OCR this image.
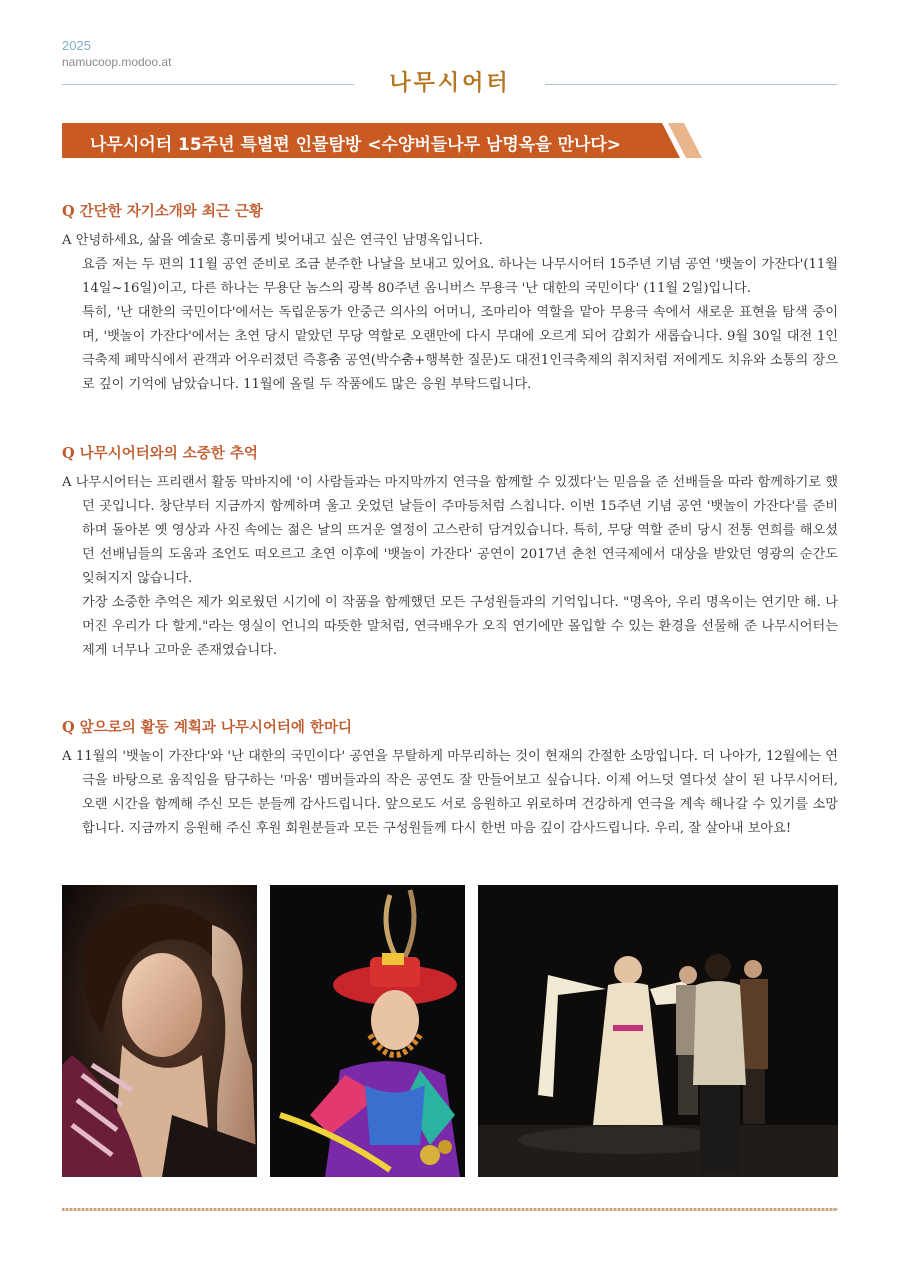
2025
namucoop.modoo.at
나무시어터
나무시어터 15주년 특별편 인물탐방 <수양버들나무 남명옥을 만나다>
Q 간단한 자기소개와 최근 근황

A 안녕하세요, 삶을 예술로 흥미롭게 빚어내고 싶은 연극인 남명옥입니다.

요즘 저는 두 편의 11월 공연 준비로 조금 분주한 나날을 보내고 있어요. 하나는 나무시어터 15주년 기념 공연 '뱃놀이 가잔다'(11월 14일~16일)이고, 다른 하나는 무용단 놈스의 광복 80주년 옴니버스 무용극 '난 대한의 국민이다' (11월 2일)입니다.

특히, '난 대한의 국민이다'에서는 독립운동가 안중근 의사의 어머니, 조마리아 역할을 맡아 무용극 속에서 새로운 표현을 탐색 중이며, '뱃놀이 가잔다'에서는 초연 당시 맡았던 무당 역할로 오랜만에 다시 무대에 오르게 되어 감회가 새롭습니다. 9월 30일 대전 1인극축제 폐막식에서 관객과 어우러졌던 즉흥춤 공연(박수춤+행복한 질문)도 대전1인극축제의 취지처럼 저에게도 치유와 소통의 장으로 깊이 기억에 남았습니다. 11월에 올릴 두 작품에도 많은 응원 부탁드립니다.

Q 나무시어터와의 소중한 추억

A 나무시어터는 프리랜서 활동 막바지에 '이 사람들과는 마지막까지 연극을 함께할 수 있겠다'는 믿음을 준 선배들을 따라 함께하기로 했던 곳입니다. 창단부터 지금까지 함께하며 울고 웃었던 날들이 주마등처럼 스칩니다. 이번 15주년 기념 공연 '뱃놀이 가잔다'를 준비하며 돌아본 옛 영상과 사진 속에는 젊은 날의 뜨거운 열정이 고스란히 담겨있습니다. 특히, 무당 역할 준비 당시 전통 연희를 해오셨던 선배님들의 도움과 조언도 떠오르고 초연 이후에 '뱃놀이 가잔다' 공연이 2017년 춘천 연극제에서 대상을 받았던 영광의 순간도 잊혀지지 않습니다.

가장 소중한 추억은 제가 외로웠던 시기에 이 작품을 함께했던 모든 구성원들과의 기억입니다. "명옥아, 우리 명옥이는 연기만 해. 나머진 우리가 다 할게."라는 영실이 언니의 따뜻한 말처럼, 연극배우가 오직 연기에만 몰입할 수 있는 환경을 선물해 준 나무시어터는 제게 너무나 고마운 존재였습니다.

Q 앞으로의 활동 계획과 나무시어터에 한마디

A 11월의 '뱃놀이 가잔다'와 '난 대한의 국민이다' 공연을 무탈하게 마무리하는 것이 현재의 간절한 소망입니다. 더 나아가, 12월에는 연극을 바탕으로 움직임을 탐구하는 '마움' 멤버들과의 작은 공연도 잘 만들어보고 싶습니다. 이제 어느덧 열다섯 살이 된 나무시어터, 오랜 시간을 함께해 주신 모든 분들께 감사드립니다. 앞으로도 서로 응원하고 위로하며 건강하게 연극을 계속 해나갈 수 있기를 소망합니다. 지금까지 응원해 주신 후원 회원분들과 모든 구성원들께 다시 한번 마음 깊이 감사드립니다. 우리, 잘 살아내 보아요!
